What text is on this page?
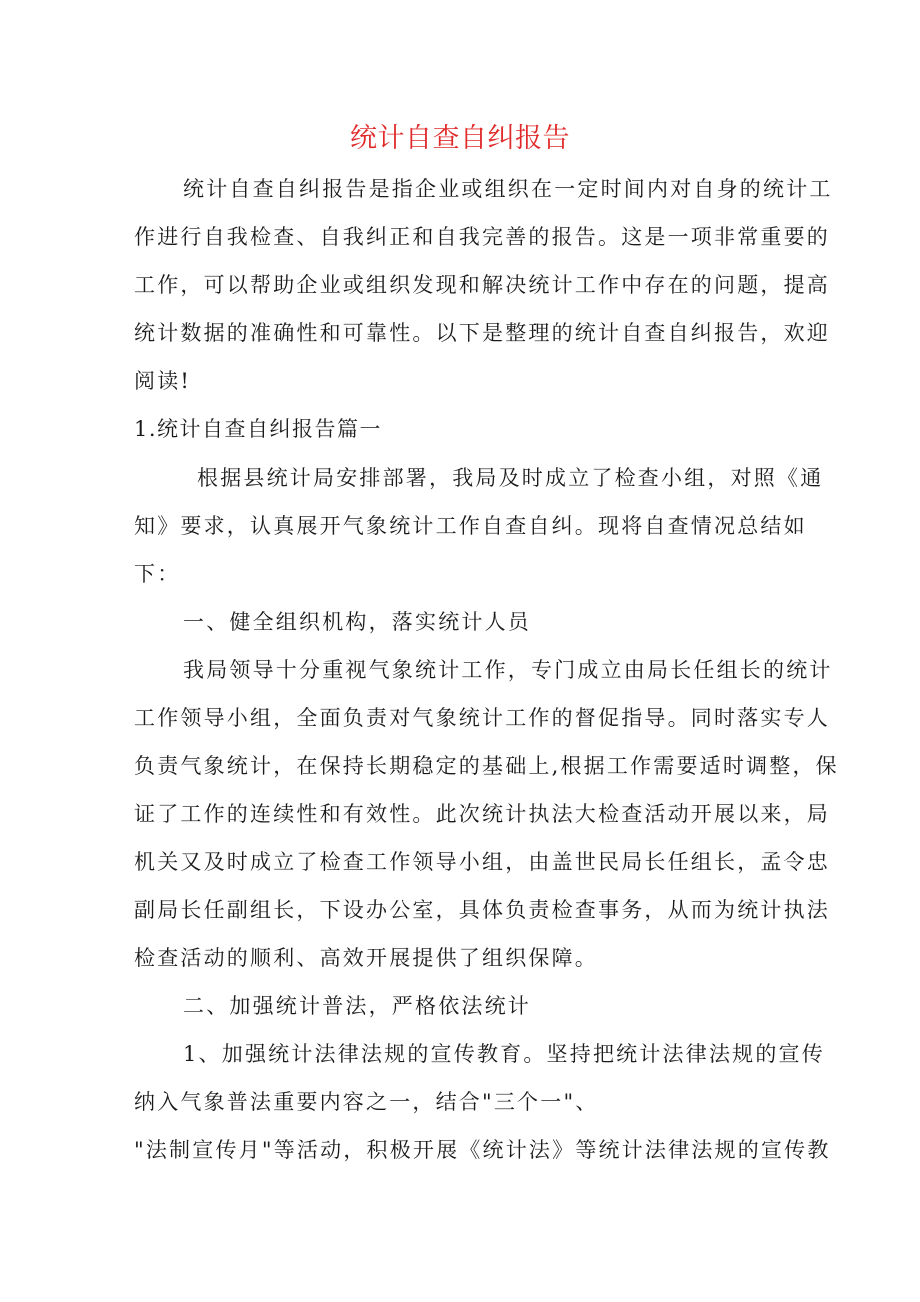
统计自查自纠报告
统计自查自纠报告是指企业或组织在一定时间内对自身的统计工
作进行自我检查、自我纠正和自我完善的报告。这是一项非常重要的
工作，可以帮助企业或组织发现和解决统计工作中存在的问题，提高
统计数据的准确性和可靠性。以下是整理的统计自查自纠报告，欢迎
阅读!
1.统计自查自纠报告篇一
根据县统计局安排部署，我局及时成立了检查小组，对照《通
知》要求，认真展开气象统计工作自查自纠。现将自查情况总结如
下：
一、健全组织机构，落实统计人员
我局领导十分重视气象统计工作，专门成立由局长任组长的统计
工作领导小组，全面负责对气象统计工作的督促指导。同时落实专人
负责气象统计，在保持长期稳定的基础上,根据工作需要适时调整，保
证了工作的连续性和有效性。此次统计执法大检查活动开展以来，局
机关又及时成立了检查工作领导小组，由盖世民局长任组长，孟令忠
副局长任副组长，下设办公室，具体负责检查事务，从而为统计执法
检查活动的顺利、高效开展提供了组织保障。
二、加强统计普法，严格依法统计
1、加强统计法律法规的宣传教育。坚持把统计法律法规的宣传
纳入气象普法重要内容之一，结合"三个一"、
"法制宣传月"等活动，积极开展《统计法》等统计法律法规的宣传教
